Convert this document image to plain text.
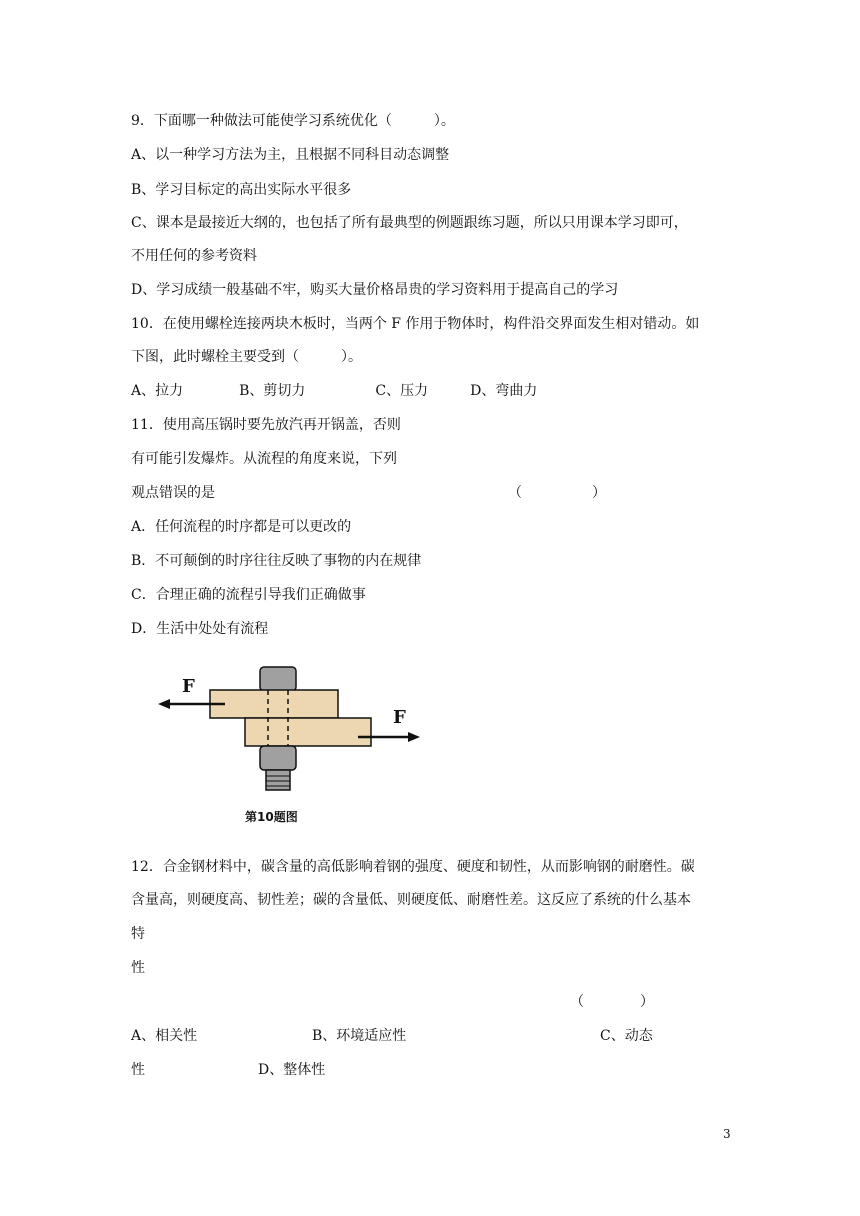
9．下面哪一种做法可能使学习系统优化（　　　）。
A、以一种学习方法为主，且根据不同科目动态调整
B、学习目标定的高出实际水平很多
C、课本是最接近大纲的，也包括了所有最典型的例题跟练习题，所以只用课本学习即可，
不用任何的参考资料
D、学习成绩一般基础不牢，购买大量价格昂贵的学习资料用于提高自己的学习
10．在使用螺栓连接两块木板时，当两个 F 作用于物体时，构件沿交界面发生相对错动。如
下图，此时螺栓主要受到（　　　）。
A、拉力　　　　B、剪切力　　　　　C、压力　　　D、弯曲力
11．使用高压锅时要先放汽再开锅盖，否则
有可能引发爆炸。从流程的角度来说，下列
观点错误的是	（　　　　　）
A．任何流程的时序都是可以更改的
B．不可颠倒的时序往往反映了事物的内在规律
C．合理正确的流程引导我们正确做事
D．生活中处处有流程
F
F
第10题图
12．合金钢材料中，碳含量的高低影响着钢的强度、硬度和韧性，从而影响钢的耐磨性。碳
含量高，则硬度高、韧性差；碳的含量低、则硬度低、耐磨性差。这反应了系统的什么基本
特
性
（　　　　）
A、相关性	B、环境适应性	C、动态
性	D、整体性
3
